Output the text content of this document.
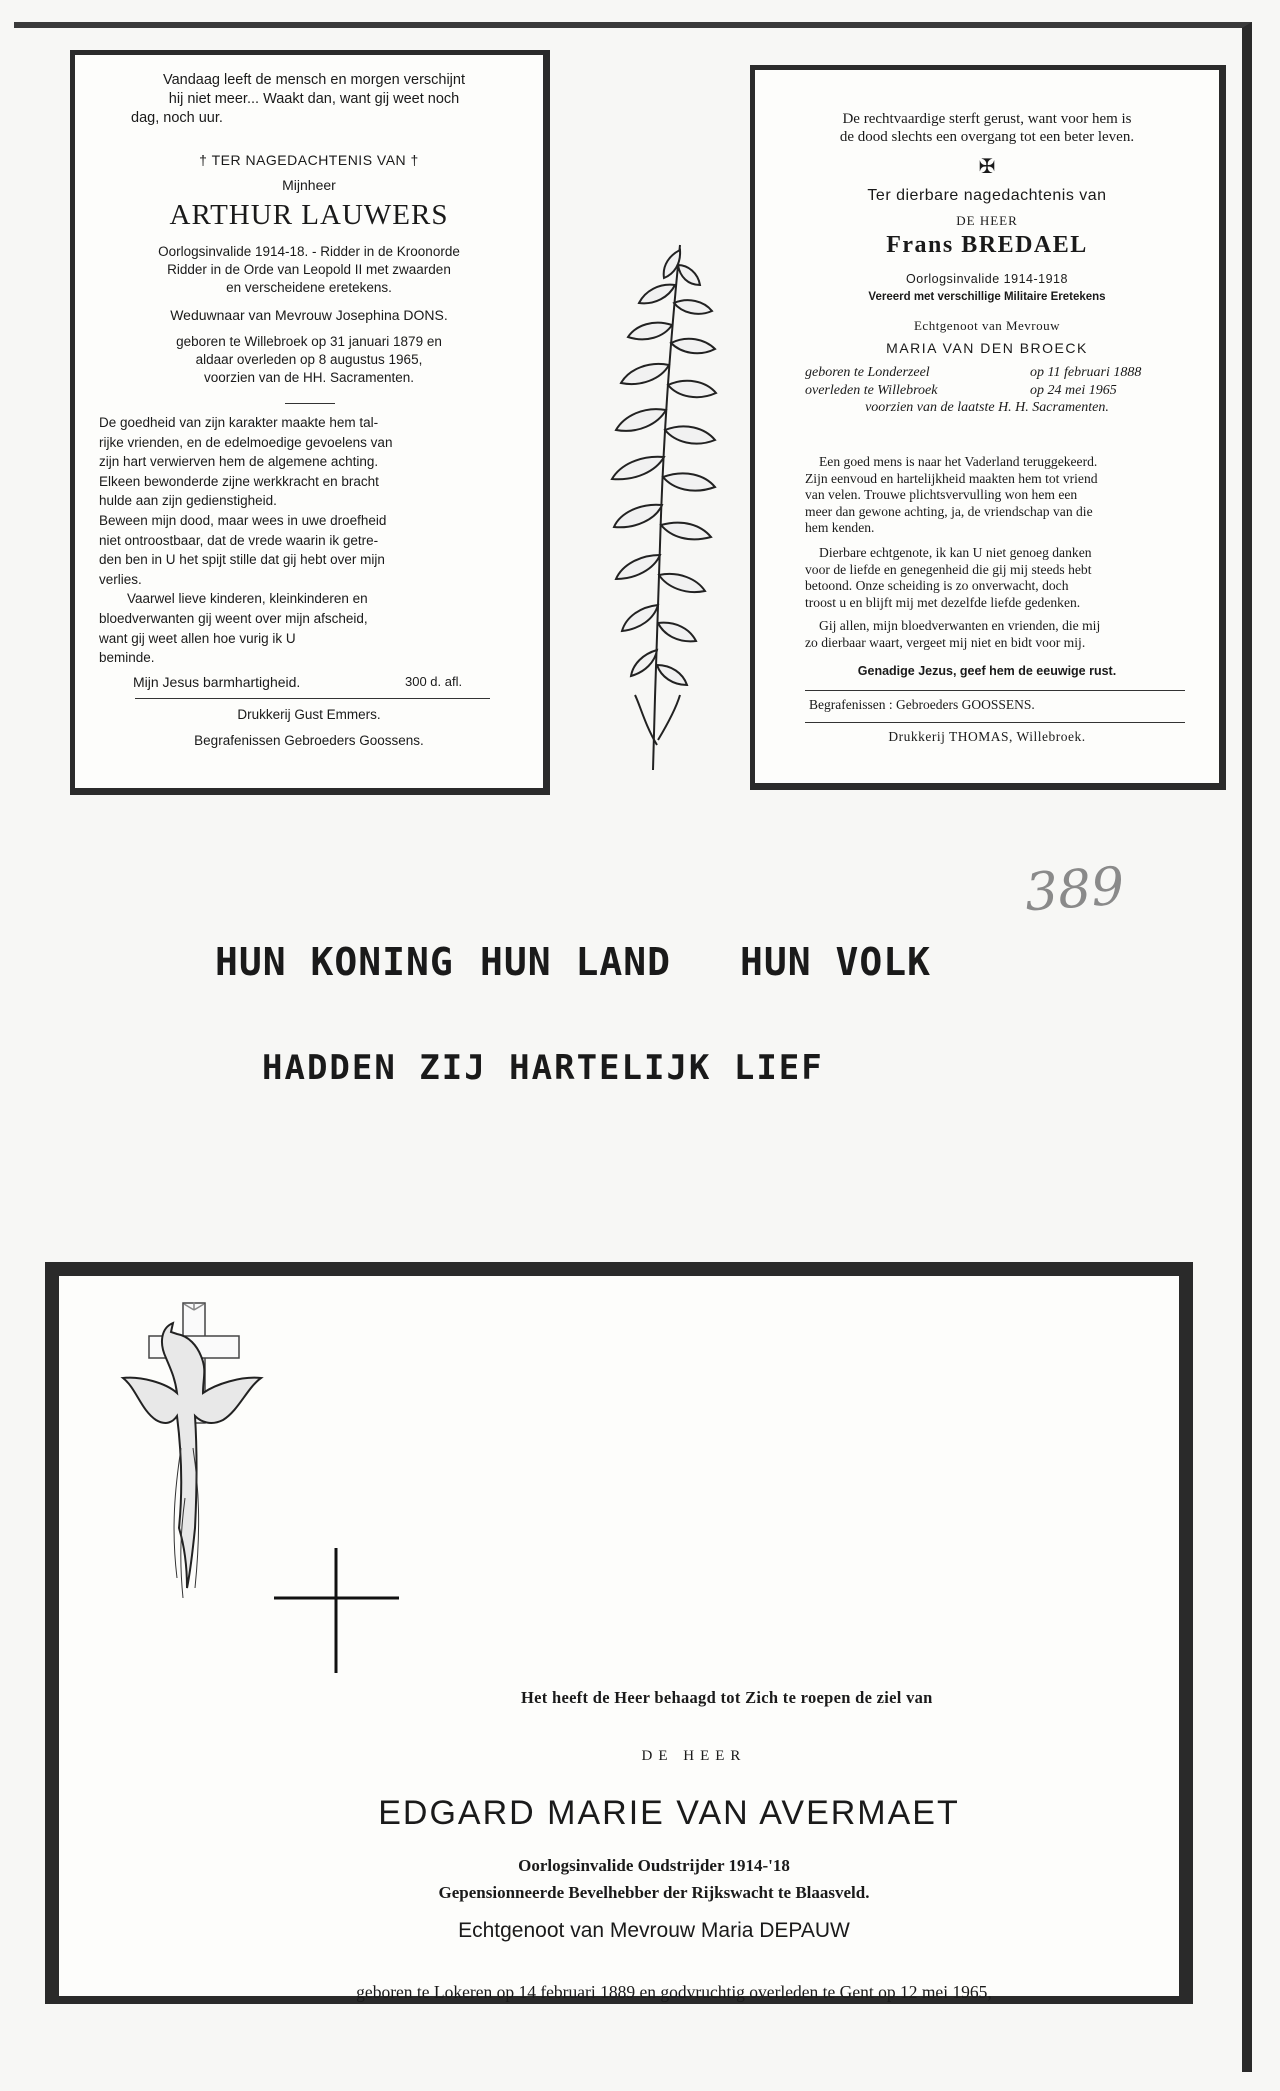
Vandaag leeft de mensch en morgen verschijnt
hij niet meer... Waakt dan, want gij weet noch
dag, noch uur.
† TER NAGEDACHTENIS VAN †
Mijnheer
ARTHUR LAUWERS
Oorlogsinvalide 1914-18. - Ridder in de Kroonorde
Ridder in de Orde van Leopold II met zwaarden
en verscheidene eretekens.
Weduwnaar van Mevrouw Josephina DONS.
geboren te Willebroek op 31 januari 1879 en
aldaar overleden op 8 augustus 1965,
voorzien van de HH. Sacramenten.
De goedheid van zijn karakter maakte hem tal-
rijke vrienden, en de edelmoedige gevoelens van
zijn hart verwierven hem de algemene achting.
Elkeen bewonderde zijne werkkracht en bracht
hulde aan zijn gedienstigheid.
Beween mijn dood, maar wees in uwe droefheid
niet ontroostbaar, dat de vrede waarin ik getre-
den ben in U het spijt stille dat gij hebt over mijn
verlies.
Vaarwel lieve kinderen, kleinkinderen en
bloedverwanten gij weent over mijn afscheid,
want gij weet allen hoe vurig ik U
beminde.
Mijn Jesus barmhartigheid.	300 d. afl.
Drukkerij Gust Emmers.
Begrafenissen Gebroeders Goossens.
De rechtvaardige sterft gerust, want voor hem is
de dood slechts een overgang tot een beter leven.
✠
Ter dierbare nagedachtenis van
DE HEER
Frans BREDAEL
Oorlogsinvalide 1914-1918
Vereerd met verschillige Militaire Eretekens
Echtgenoot van Mevrouw
MARIA VAN DEN BROECK
geboren te Londerzeel
overleden te Willebroek
op 11 februari 1888
op 24 mei 1965
voorzien van de laatste H. H. Sacramenten.
Een goed mens is naar het Vaderland teruggekeerd.
Zijn eenvoud en hartelijkheid maakten hem tot vriend
van velen. Trouwe plichtsvervulling won hem een
meer dan gewone achting, ja, de vriendschap van die
hem kenden.
Dierbare echtgenote, ik kan U niet genoeg danken
voor de liefde en genegenheid die gij mij steeds hebt
betoond. Onze scheiding is zo onverwacht, doch
troost u en blijft mij met dezelfde liefde gedenken.
Gij allen, mijn bloedverwanten en vrienden, die mij
zo dierbaar waart, vergeet mij niet en bidt voor mij.
Genadige Jezus, geef hem de eeuwige rust.
Begrafenissen : Gebroeders GOOSSENS.
Drukkerij THOMAS, Willebroek.
389
HUN KONING HUN LAND HUN VOLK
HADDEN ZIJ HARTELIJK LIEF
Het heeft de Heer behaagd tot Zich te roepen de ziel van
DE HEER
EDGARD MARIE VAN AVERMAET
Oorlogsinvalide Oudstrijder 1914-'18
Gepensionneerde Bevelhebber der Rijkswacht te Blaasveld.
Echtgenoot van Mevrouw Maria DEPAUW
geboren te Lokeren op 14 februari 1889 en godvruchtig overleden te Gent op 12 mei 1965,
